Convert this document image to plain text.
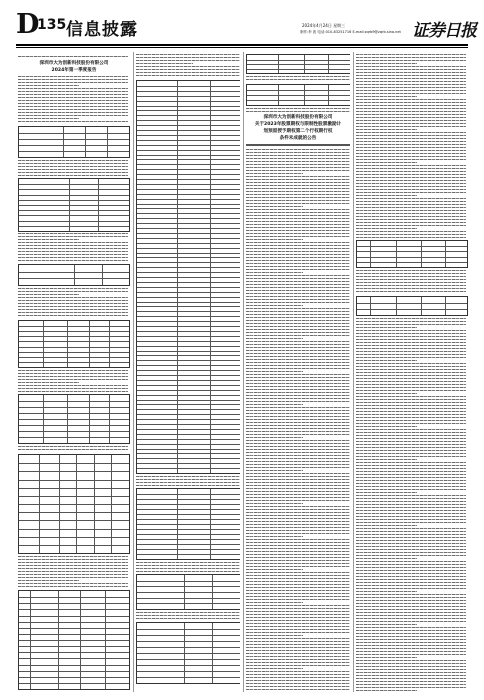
D
135 信息披露	2024年4月24日 星期三
制作:李 波 电话:010-83251716 E-mail:zqrb9@zqrb.sina.net 证券日报
深圳市大为创新科技股份有限公司
2024年第一季度报告
深圳市大为创新科技股份有限公司
关于2023年股票期权与限制性股票激励计
划预留授予期权第二个行权期行权
条件未成就的公告
